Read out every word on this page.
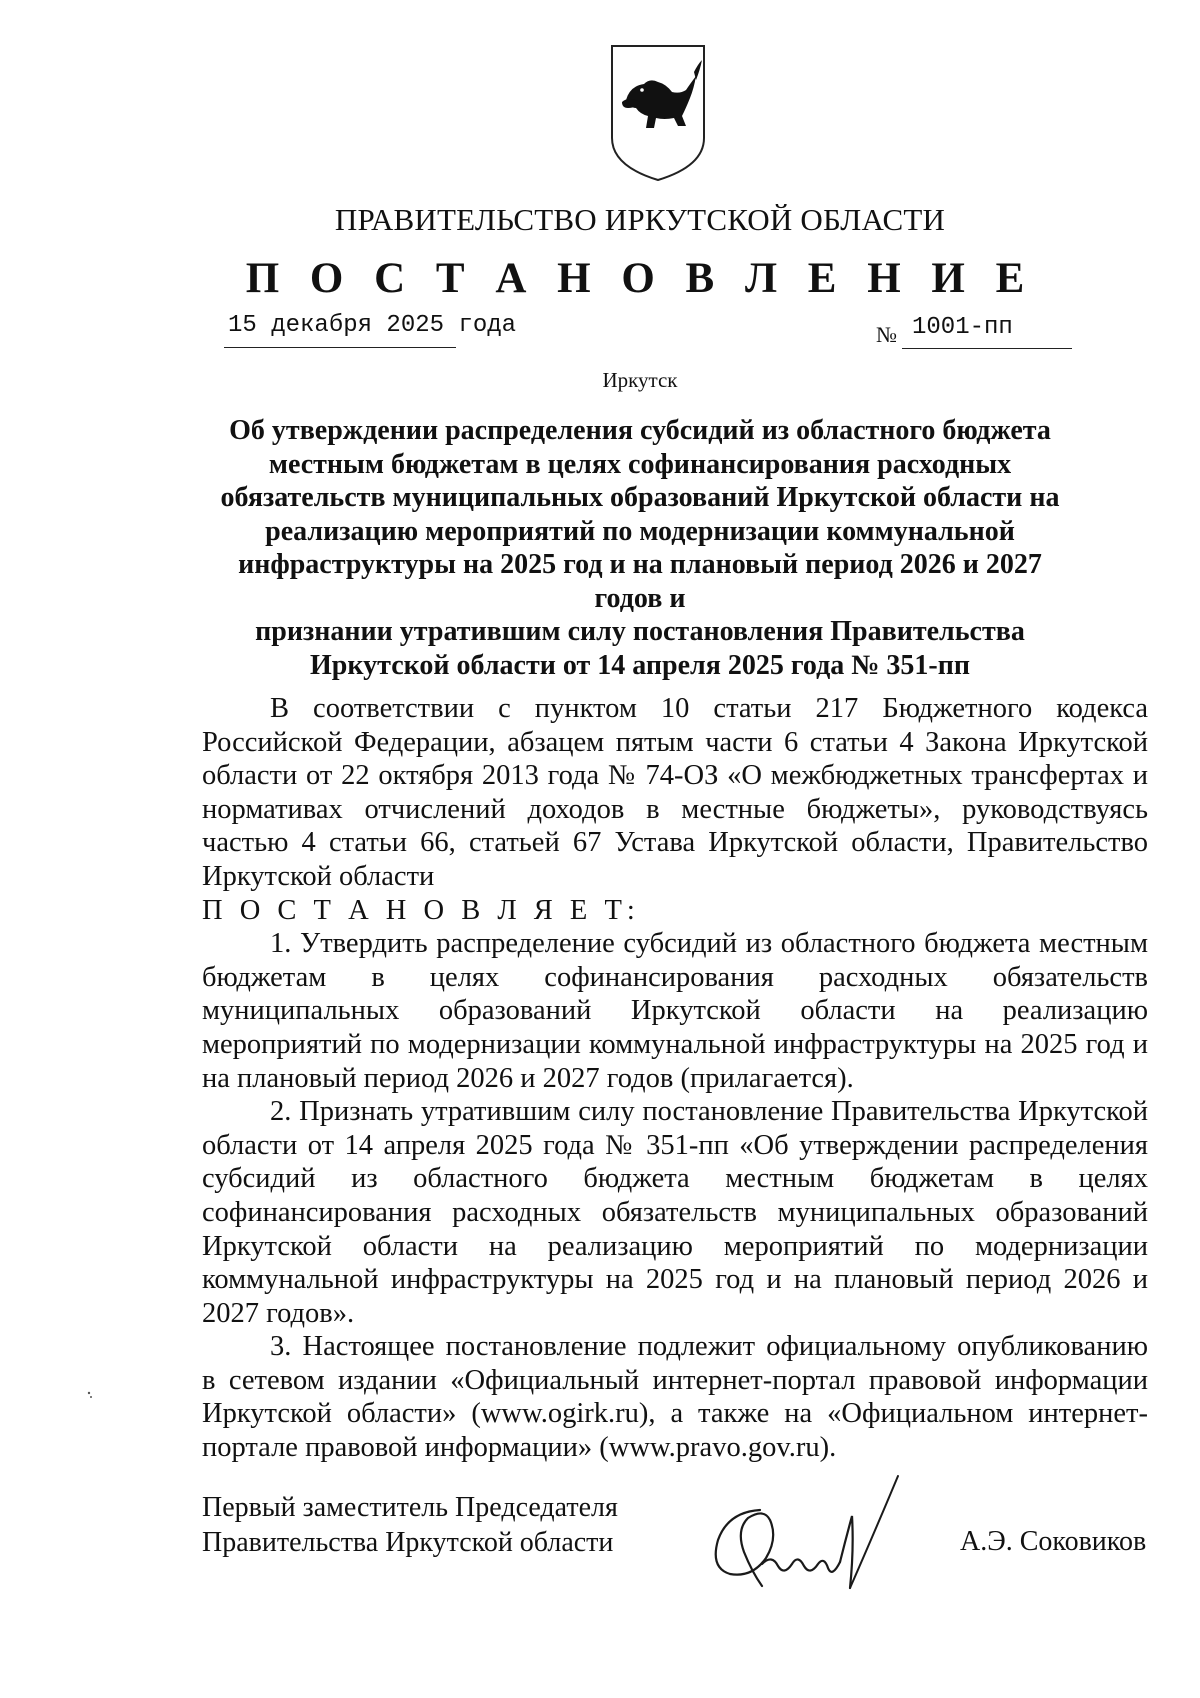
ПРАВИТЕЛЬСТВО ИРКУТСКОЙ ОБЛАСТИ
П О С Т А Н О В Л Е Н И Е
15 декабря 2025 года	№ 1001-пп
Иркутск
Об утверждении распределения субсидий из областного бюджета
местным бюджетам в целях софинансирования расходных
обязательств муниципальных образований Иркутской области на
реализацию мероприятий по модернизации коммунальной
инфраструктуры на 2025 год и на плановый период 2026 и 2027 годов и
признании утратившим силу постановления Правительства
Иркутской области от 14 апреля 2025 года № 351-пп
В соответствии с пунктом 10 статьи 217 Бюджетного кодекса Российской Федерации, абзацем пятым части 6 статьи 4 Закона Иркутской области от 22 октября 2013 года № 74-ОЗ «О межбюджетных трансфертах и нормативах отчислений доходов в местные бюджеты», руководствуясь частью 4 статьи 66, статьей 67 Устава Иркутской области, Правительство Иркутской области
П О С Т А Н О В Л Я Е Т:
1. Утвердить распределение субсидий из областного бюджета местным бюджетам в целях софинансирования расходных обязательств муниципальных образований Иркутской области на реализацию мероприятий по модернизации коммунальной инфраструктуры на 2025 год и на плановый период 2026 и 2027 годов (прилагается).
2. Признать утратившим силу постановление Правительства Иркутской области от 14 апреля 2025 года № 351-пп «Об утверждении распределения субсидий из областного бюджета местным бюджетам в целях софинансирования расходных обязательств муниципальных образований Иркутской области на реализацию мероприятий по модернизации коммунальной инфраструктуры на 2025 год и на плановый период 2026 и 2027 годов».
3. Настоящее постановление подлежит официальному опубликованию в сетевом издании «Официальный интернет-портал правовой информации Иркутской области» (www.ogirk.ru), а также на «Официальном интернет-портале правовой информации» (www.pravo.gov.ru).
Первый заместитель Председателя
Правительства Иркутской области	А.Э. Соковиков
